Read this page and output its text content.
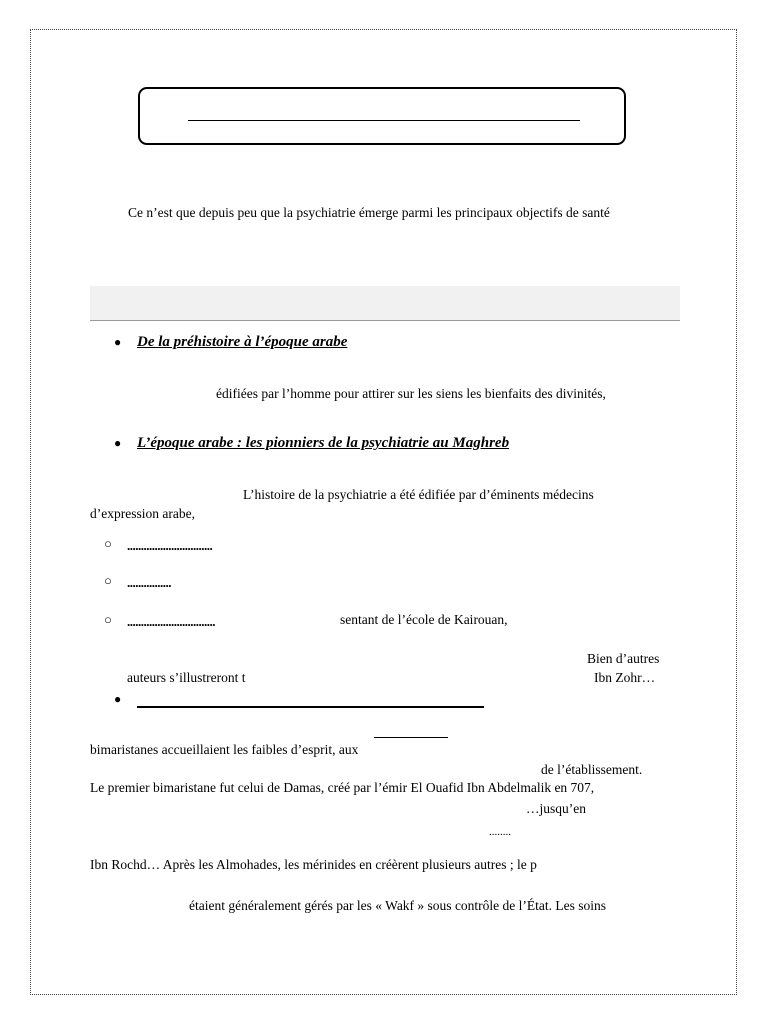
Ce n’est que depuis peu que la psychiatrie émerge parmi les principaux objectifs de santé
● De la préhistoire à l’époque arabe
édifiées par l’homme pour attirer sur les siens les bienfaits des divinités,
● L’époque arabe : les pionniers de la psychiatrie au Maghreb
L’histoire de la psychiatrie a été édifiée par d’éminents médecins
d’expression arabe,
○ ...............................
○ ................
○ ................................	sentant de l’école de Kairouan,
Bien d’autres
auteurs s’illustreront t	Ibn Zohr…
●
bimaristanes accueillaient les faibles d’esprit, aux
de l’établissement.
Le premier bimaristane fut celui de Damas, créé par l’émir El Ouafid Ibn Abdelmalik en 707,
…jusqu’en
........
Ibn Rochd… Après les Almohades, les mérinides en créèrent plusieurs autres ; le p
étaient généralement gérés par les « Wakf » sous contrôle de l’État. Les soins
